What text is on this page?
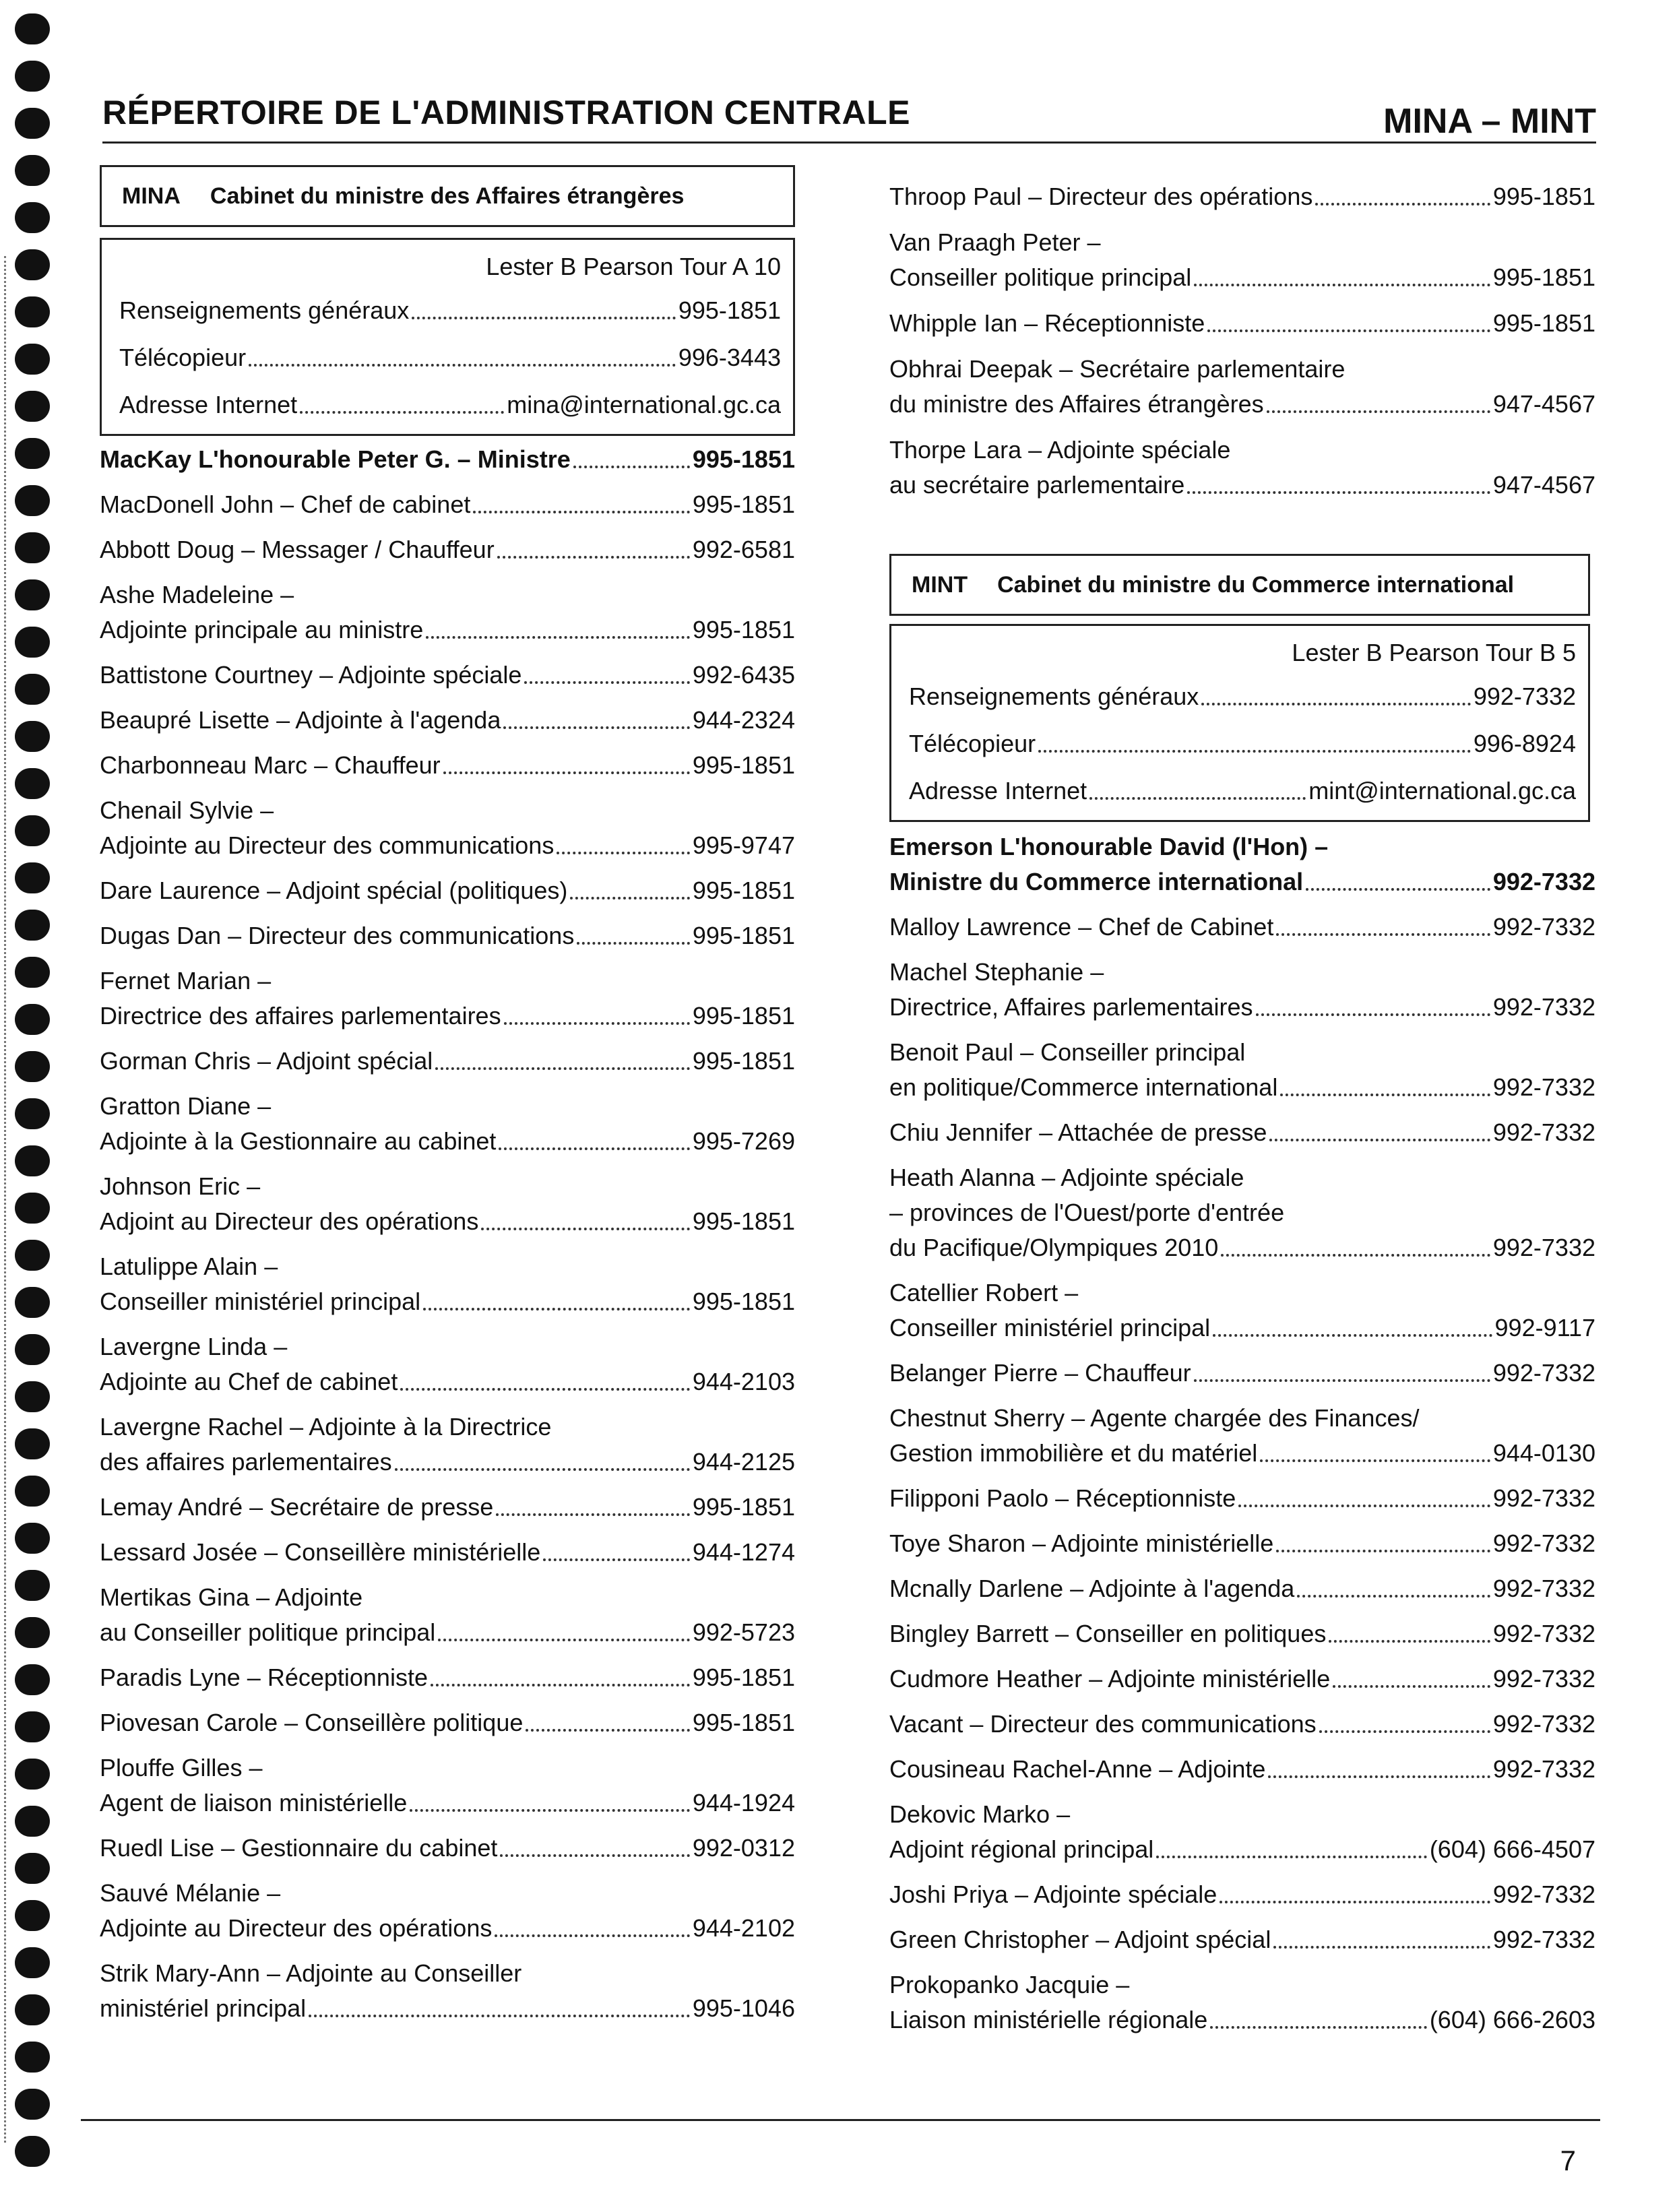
RÉPERTOIRE DE L'ADMINISTRATION CENTRALE	MINA – MINT
MINA Cabinet du ministre des Affaires étrangères
Lester B Pearson Tour A 10
Renseignements généraux	995-1851
Télécopieur	996-3443
Adresse Internet	mina@international.gc.ca
MacKay L'honourable Peter G. – Ministre	995-1851
MacDonell John – Chef de cabinet	995-1851
Abbott Doug – Messager / Chauffeur	992-6581
Ashe Madeleine –
Adjointe principale au ministre	995-1851
Battistone Courtney – Adjointe spéciale	992-6435
Beaupré Lisette – Adjointe à l'agenda	944-2324
Charbonneau Marc – Chauffeur	995-1851
Chenail Sylvie –
Adjointe au Directeur des communications	995-9747
Dare Laurence – Adjoint spécial (politiques)	995-1851
Dugas Dan – Directeur des communications	995-1851
Fernet Marian –
Directrice des affaires parlementaires	995-1851
Gorman Chris – Adjoint spécial	995-1851
Gratton Diane –
Adjointe à la Gestionnaire au cabinet	995-7269
Johnson Eric –
Adjoint au Directeur des opérations	995-1851
Latulippe Alain –
Conseiller ministériel principal	995-1851
Lavergne Linda –
Adjointe au Chef de cabinet	944-2103
Lavergne Rachel – Adjointe à la Directrice
des affaires parlementaires	944-2125
Lemay André – Secrétaire de presse	995-1851
Lessard Josée – Conseillère ministérielle	944-1274
Mertikas Gina – Adjointe
au Conseiller politique principal	992-5723
Paradis Lyne – Réceptionniste	995-1851
Piovesan Carole – Conseillère politique	995-1851
Plouffe Gilles –
Agent de liaison ministérielle	944-1924
Ruedl Lise – Gestionnaire du cabinet	992-0312
Sauvé Mélanie –
Adjointe au Directeur des opérations	944-2102
Strik Mary-Ann – Adjointe au Conseiller
ministériel principal	995-1046
Throop Paul – Directeur des opérations	995-1851
Van Praagh Peter –
Conseiller politique principal	995-1851
Whipple Ian – Réceptionniste	995-1851
Obhrai Deepak – Secrétaire parlementaire
du ministre des Affaires étrangères	947-4567
Thorpe Lara – Adjointe spéciale
au secrétaire parlementaire	947-4567
MINT Cabinet du ministre du Commerce international
Lester B Pearson Tour B 5
Renseignements généraux	992-7332
Télécopieur	996-8924
Adresse Internet	mint@international.gc.ca
Emerson L'honourable David (l'Hon) –
Ministre du Commerce international	992-7332
Malloy Lawrence – Chef de Cabinet	992-7332
Machel Stephanie –
Directrice, Affaires parlementaires	992-7332
Benoit Paul – Conseiller principal
en politique/Commerce international	992-7332
Chiu Jennifer – Attachée de presse	992-7332
Heath Alanna – Adjointe spéciale
– provinces de l'Ouest/porte d'entrée
du Pacifique/Olympiques 2010	992-7332
Catellier Robert –
Conseiller ministériel principal	992-9117
Belanger Pierre – Chauffeur	992-7332
Chestnut Sherry – Agente chargée des Finances/
Gestion immobilière et du matériel	944-0130
Filipponi Paolo – Réceptionniste	992-7332
Toye Sharon – Adjointe ministérielle	992-7332
Mcnally Darlene – Adjointe à l'agenda	992-7332
Bingley Barrett – Conseiller en politiques	992-7332
Cudmore Heather – Adjointe ministérielle	992-7332
Vacant – Directeur des communications	992-7332
Cousineau Rachel-Anne – Adjointe	992-7332
Dekovic Marko –
Adjoint régional principal	(604) 666-4507
Joshi Priya – Adjointe spéciale	992-7332
Green Christopher – Adjoint spécial	992-7332
Prokopanko Jacquie –
Liaison ministérielle régionale	(604) 666-2603
7
